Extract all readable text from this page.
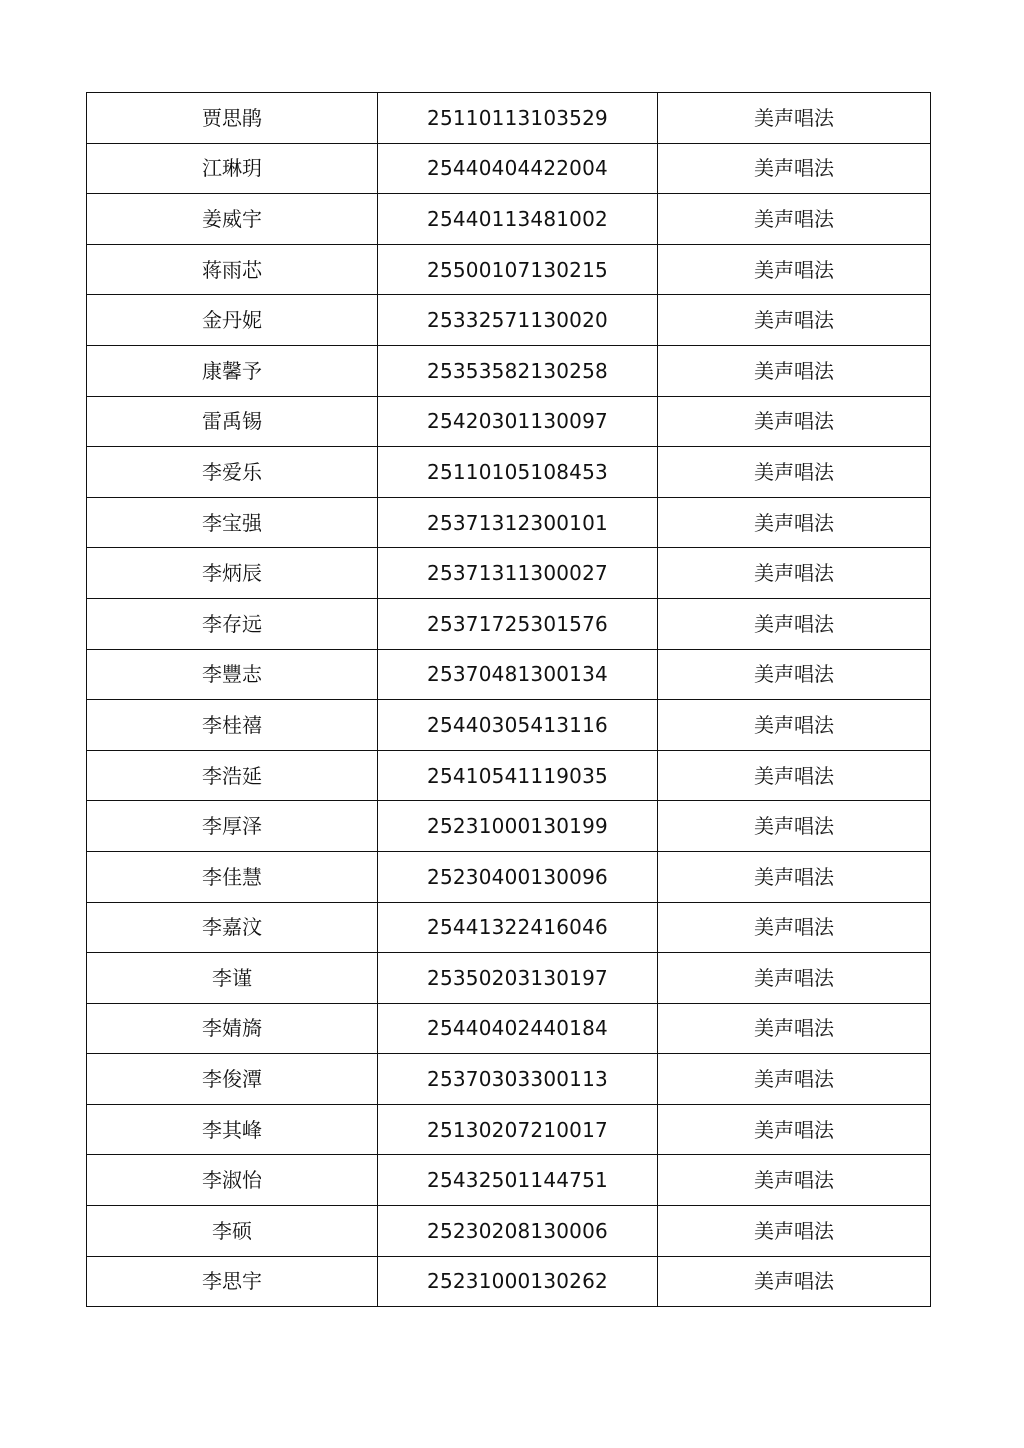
贾思鹃	25110113103529	美声唱法
江琳玥	25440404422004	美声唱法
姜威宇	25440113481002	美声唱法
蒋雨芯	25500107130215	美声唱法
金丹妮	25332571130020	美声唱法
康馨予	25353582130258	美声唱法
雷禹锡	25420301130097	美声唱法
李爱乐	25110105108453	美声唱法
李宝强	25371312300101	美声唱法
李炳辰	25371311300027	美声唱法
李存远	25371725301576	美声唱法
李豐志	25370481300134	美声唱法
李桂禧	25440305413116	美声唱法
李浩延	25410541119035	美声唱法
李厚泽	25231000130199	美声唱法
李佳慧	25230400130096	美声唱法
李嘉汶	25441322416046	美声唱法
李谨	25350203130197	美声唱法
李婧旖	25440402440184	美声唱法
李俊潭	25370303300113	美声唱法
李其峰	25130207210017	美声唱法
李淑怡	25432501144751	美声唱法
李硕	25230208130006	美声唱法
李思宇	25231000130262	美声唱法
